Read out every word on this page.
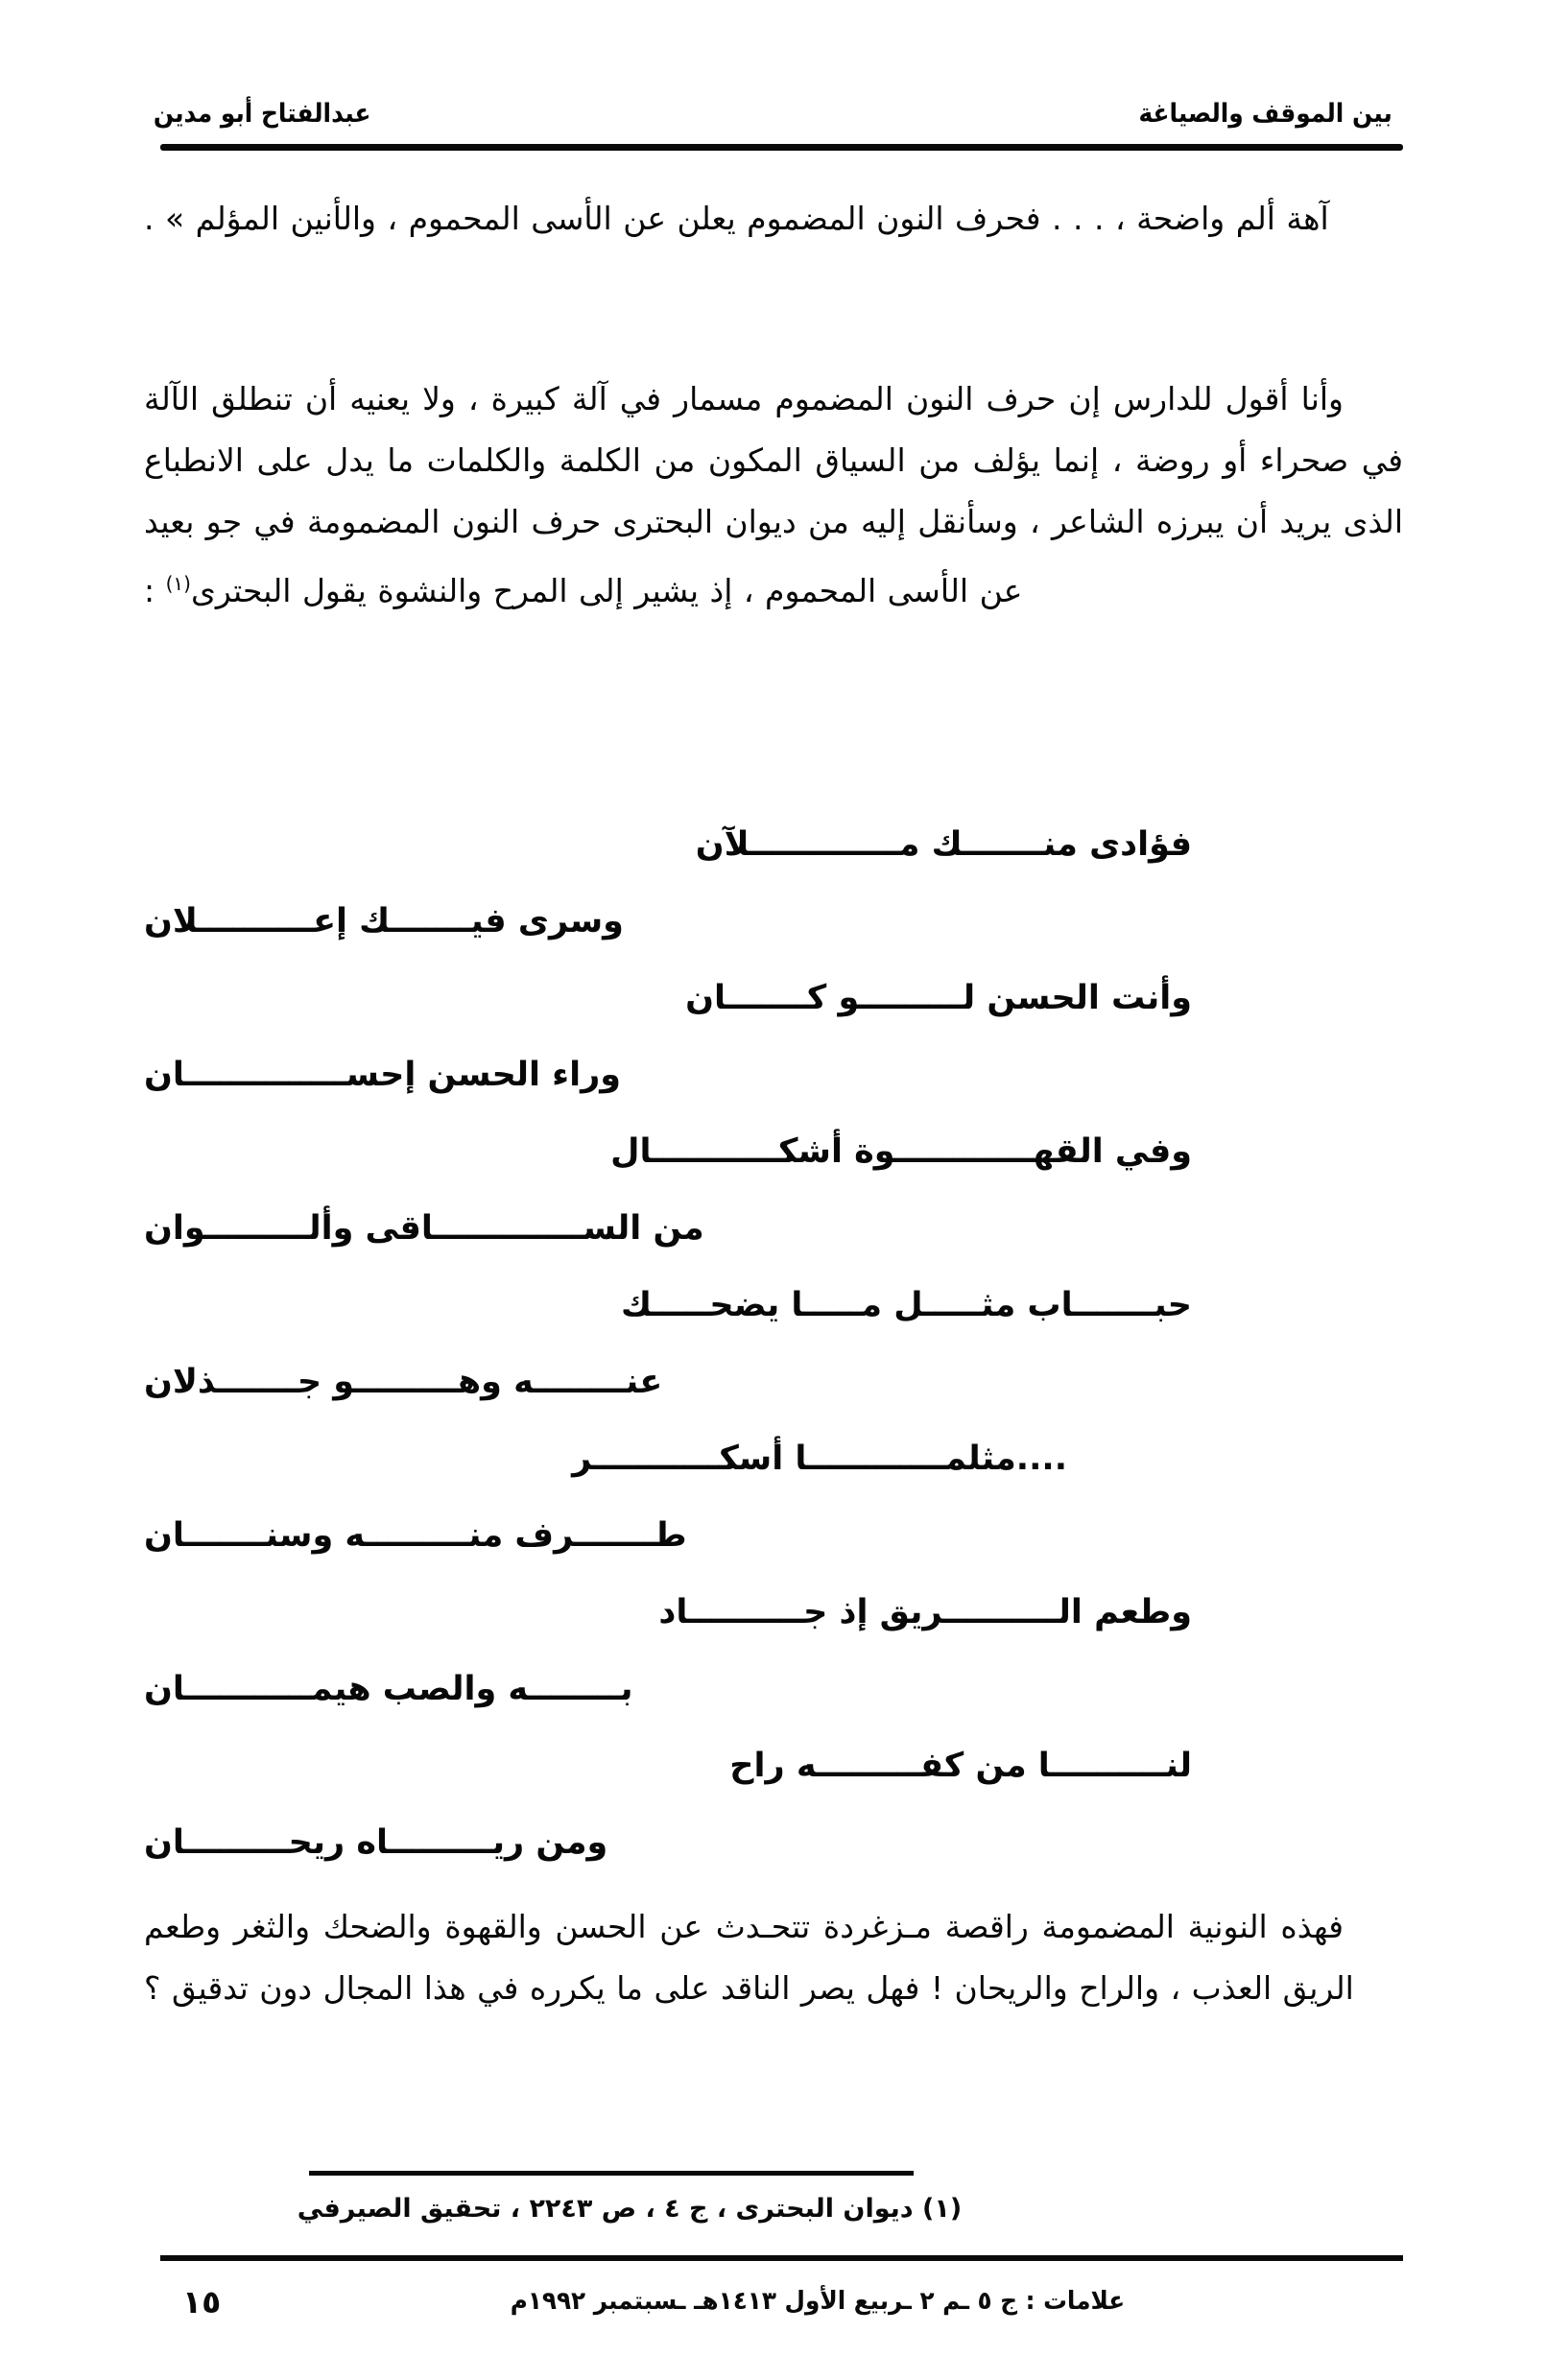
بين الموقف والصياغة
عبدالفتاح أبو مدين

آهة ألم واضحة ، . . . فحرف النون المضموم يعلن عن الأسى المحموم ، والأنين المؤلم » .

وأنا أقول للدارس إن حرف النون المضموم مسمار في آلة كبيرة ، ولا يعنيه أن تنطلق الآلة في صحراء أو روضة ، إنما يؤلف من السياق المكون من الكلمة والكلمات ما يدل على الانطباع الذى يريد أن يبرزه الشاعر ، وسأنقل إليه من ديوان البحترى حرف النون المضمومة في جو بعيد عن الأسى المحموم ، إذ يشير إلى المرح والنشوة يقول البحترى$^{(١)}$ :

فهذه النونية المضمومة راقصة مـزغردة تتحـدث عن الحسن والقهوة والضحك والثغر وطعم الريق العذب ، والراح والريحان ! فهل يصر الناقد على ما يكرره في هذا المجال دون تدقيق ؟

فؤادى منـــــــك مـــــــــــــلآن
وسرى فيـــــــك إعــــــــــلان
وأنت الحسن لـــــــــو كـــــــان
وراء الحسن إحســــــــــــــان
وفي القهــــــــــــوة أشكـــــــــــال
من الســـــــــــــاقى وألـــــــــوان
حبـــــــاب مثـــــل مـــــا يضحـــــك
عنــــــــه وهـــــــــو جـــــــذلان
....مثلمــــــــــــا أسكـــــــــــر
طـــــــرف منـــــــــه وسنـــــــان
وطعم الــــــــــريق إذ جــــــــــاد
بــــــــه والصب هيمـــــــــــان
لنــــــــــا من كفـــــــــه راح
ومن ريـــــــــاه ريحـــــــــان
(١) ديوان البحترى ، ج ٤ ، ص ٢٢٤٣ ، تحقيق الصيرفي
علامات : ج ٥ ـم ٢ ـربيع الأول ١٤١٣هـ ـسبتمبر ١٩٩٢م
١٥
